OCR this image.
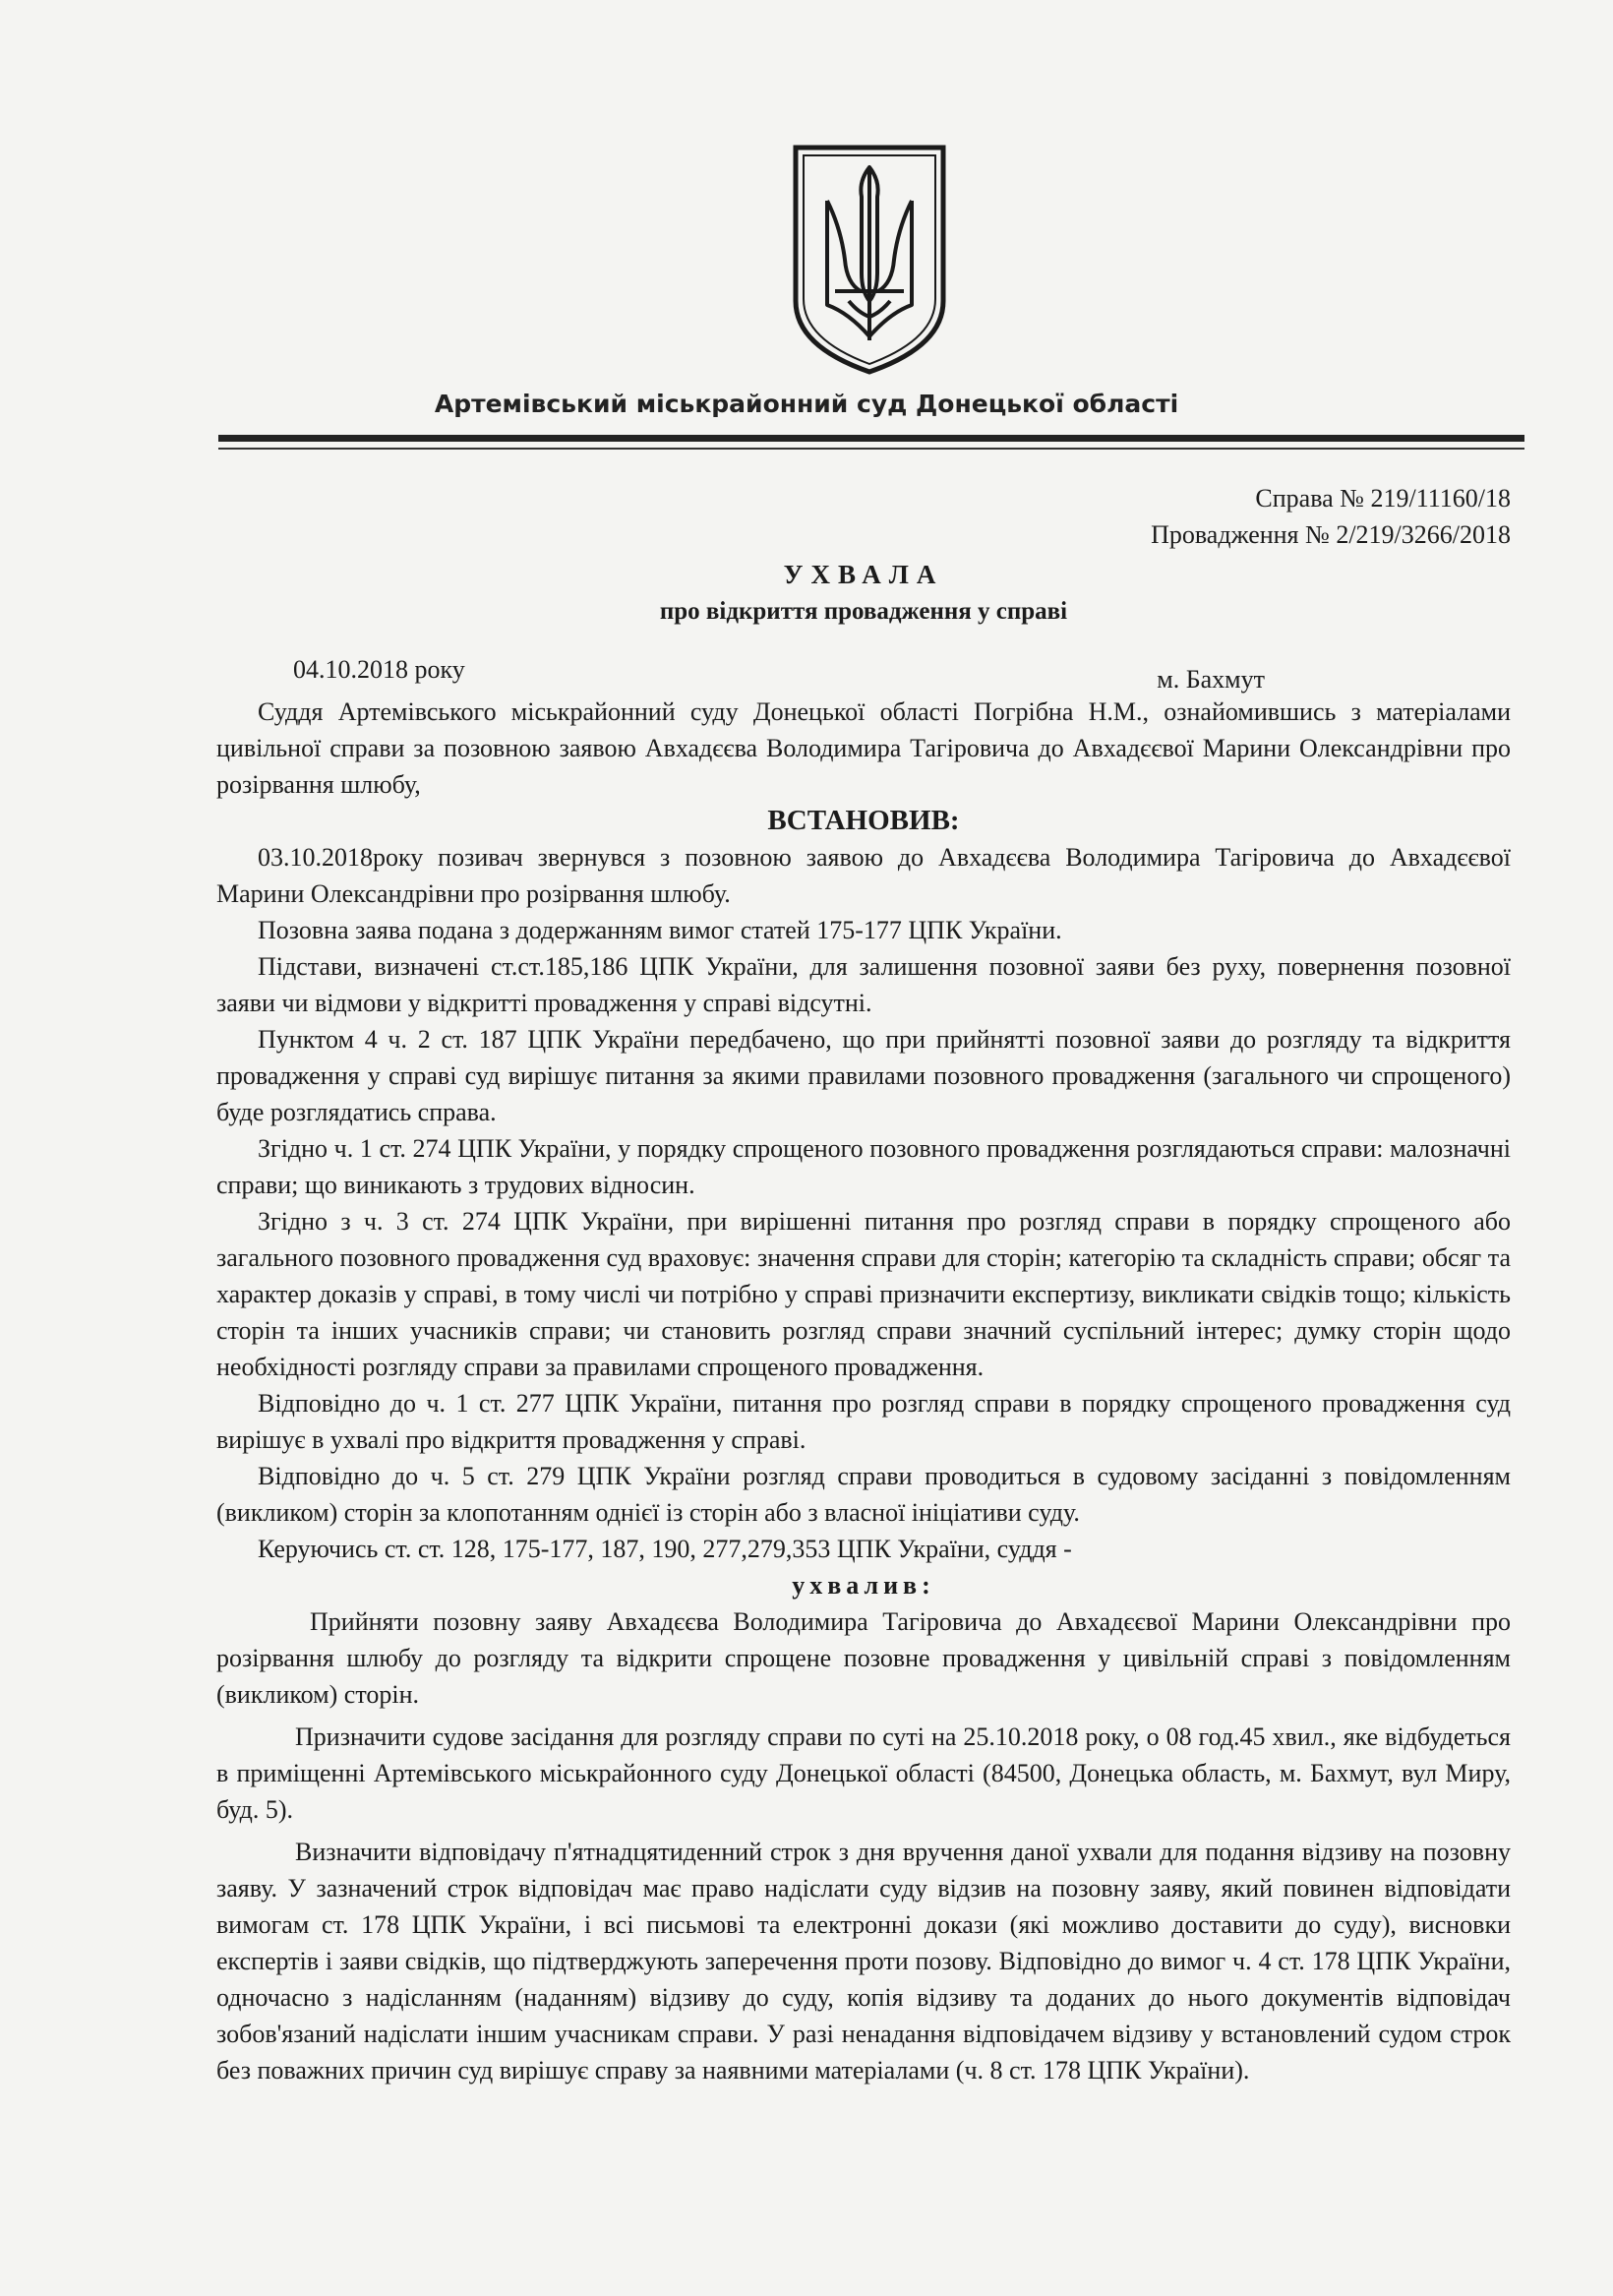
Артемівський міськрайонний суд Донецької області
Справа № 219/11160/18
Провадження № 2/219/3266/2018
УХВАЛА
про відкриття провадження у справі
04.10.2018 року	м. Бахмут

Суддя Артемівського міськрайонний суду Донецької області Погрібна Н.М., ознайомившись з матеріалами цивільної справи за позовною заявою Авхадєєва Володимира Тагіровича до Авхадєєвої Марини Олександрівни про розірвання шлюбу,

ВСТАНОВИВ:

03.10.2018року позивач звернувся з позовною заявою до Авхадєєва Володимира Тагіровича до Авхадєєвої Марини Олександрівни про розірвання шлюбу.

Позовна заява подана з додержанням вимог статей 175-177 ЦПК України.

Підстави, визначені ст.ст.185,186 ЦПК України, для залишення позовної заяви без руху, повернення позовної заяви чи відмови у відкритті провадження у справі відсутні.

Пунктом 4 ч. 2 ст. 187 ЦПК України передбачено, що при прийнятті позовної заяви до розгляду та відкриття провадження у справі суд вирішує питання за якими правилами позовного провадження (загального чи спрощеного) буде розглядатись справа.

Згідно ч. 1 ст. 274 ЦПК України, у порядку спрощеного позовного провадження розглядаються справи: малозначні справи; що виникають з трудових відносин.

Згідно з ч. 3 ст. 274 ЦПК України, при вирішенні питання про розгляд справи в порядку спрощеного або загального позовного провадження суд враховує: значення справи для сторін; категорію та складність справи; обсяг та характер доказів у справі, в тому числі чи потрібно у справі призначити експертизу, викликати свідків тощо; кількість сторін та інших учасників справи; чи становить розгляд справи значний суспільний інтерес; думку сторін щодо необхідності розгляду справи за правилами спрощеного провадження.

Відповідно до ч. 1 ст. 277 ЦПК України, питання про розгляд справи в порядку спрощеного провадження суд вирішує в ухвалі про відкриття провадження у справі.

Відповідно до ч. 5 ст. 279 ЦПК України розгляд справи проводиться в судовому засіданні з повідомленням (викликом) сторін за клопотанням однієї із сторін або з власної ініціативи суду.

Керуючись ст. ст. 128, 175-177, 187, 190, 277,279,353 ЦПК України, суддя -

ухвалив:

Прийняти позовну заяву Авхадєєва Володимира Тагіровича до Авхадєєвої Марини Олександрівни про розірвання шлюбу до розгляду та відкрити спрощене позовне провадження у цивільній справі з повідомленням (викликом) сторін.

Призначити судове засідання для розгляду справи по суті на 25.10.2018 року, о 08 год.45 хвил., яке відбудеться в приміщенні Артемівського міськрайонного суду Донецької області (84500, Донецька область, м. Бахмут, вул Миру, буд. 5).

Визначити відповідачу п'ятнадцятиденний строк з дня вручення даної ухвали для подання відзиву на позовну заяву. У зазначений строк відповідач має право надіслати суду відзив на позовну заяву, який повинен відповідати вимогам ст. 178 ЦПК України, і всі письмові та електронні докази (які можливо доставити до суду), висновки експертів і заяви свідків, що підтверджують заперечення проти позову. Відповідно до вимог ч. 4 ст. 178 ЦПК України, одночасно з надісланням (наданням) відзиву до суду, копія відзиву та доданих до нього документів відповідач зобов'язаний надіслати іншим учасникам справи. У разі ненадання відповідачем відзиву у встановлений судом строк без поважних причин суд вирішує справу за наявними матеріалами (ч. 8 ст. 178 ЦПК України).
